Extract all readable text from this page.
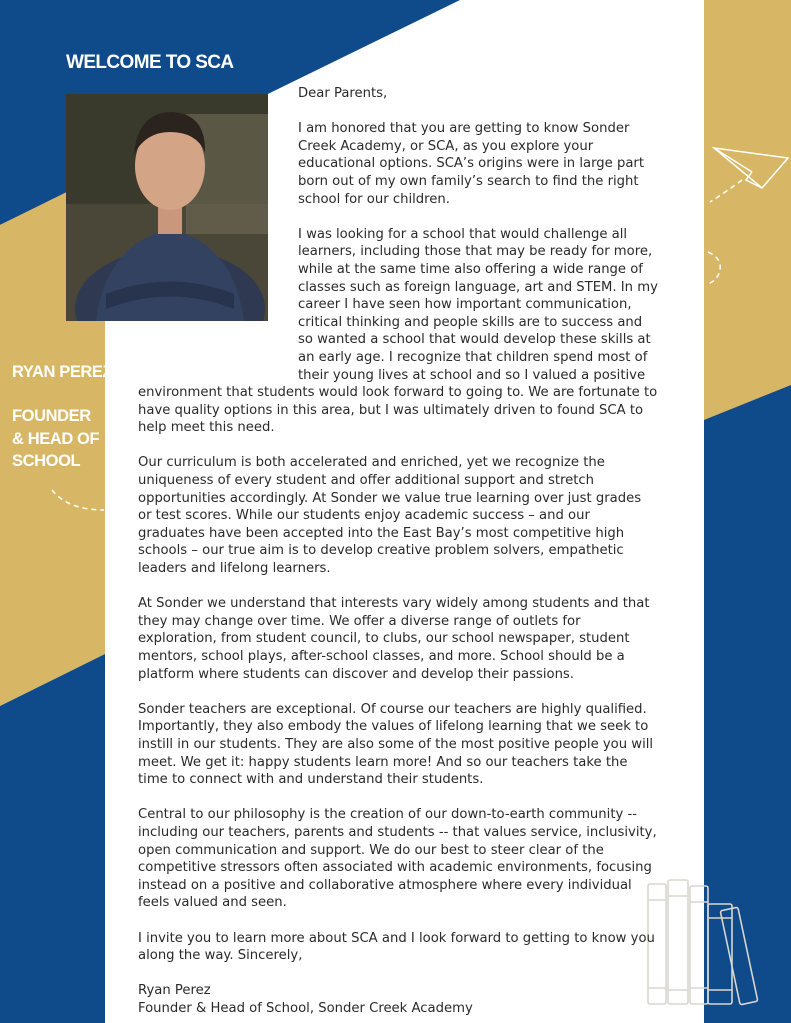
WELCOME TO SCA
RYAN PEREZ
FOUNDER & HEAD OF SCHOOL

Dear Parents,

I am honored that you are getting to know Sonder Creek Academy, or SCA, as you explore your educational options. SCA’s origins were in large part born out of my own family’s search to find the right school for our children.

I was looking for a school that would challenge all learners, including those that may be ready for more, while at the same time also offering a wide range of classes such as foreign language, art and STEM. In my career I have seen how important communication, critical thinking and people skills are to success and so wanted a school that would develop these skills at an early age. I recognize that children spend most of their young lives at school and so I valued a positive environment that students would look forward to going to. We are fortunate to have quality options in this area, but I was ultimately driven to found SCA to help meet this need.

Our curriculum is both accelerated and enriched, yet we recognize the uniqueness of every student and offer additional support and stretch opportunities accordingly. At Sonder we value true learning over just grades or test scores. While our students enjoy academic success – and our graduates have been accepted into the East Bay’s most competitive high schools – our true aim is to develop creative problem solvers, empathetic leaders and lifelong learners.

At Sonder we understand that interests vary widely among students and that they may change over time. We offer a diverse range of outlets for exploration, from student council, to clubs, our school newspaper, student mentors, school plays, after-school classes, and more. School should be a platform where students can discover and develop their passions.

Sonder teachers are exceptional. Of course our teachers are highly qualified. Importantly, they also embody the values of lifelong learning that we seek to instill in our students. They are also some of the most positive people you will meet. We get it: happy students learn more! And so our teachers take the time to connect with and understand their students.

Central to our philosophy is the creation of our down-to-earth community -- including our teachers, parents and students -- that values service, inclusivity, open communication and support. We do our best to steer clear of the competitive stressors often associated with academic environments, focusing instead on a positive and collaborative atmosphere where every individual feels valued and seen.

I invite you to learn more about SCA and I look forward to getting to know you along the way. Sincerely,

Ryan Perez

Founder & Head of School, Sonder Creek Academy
